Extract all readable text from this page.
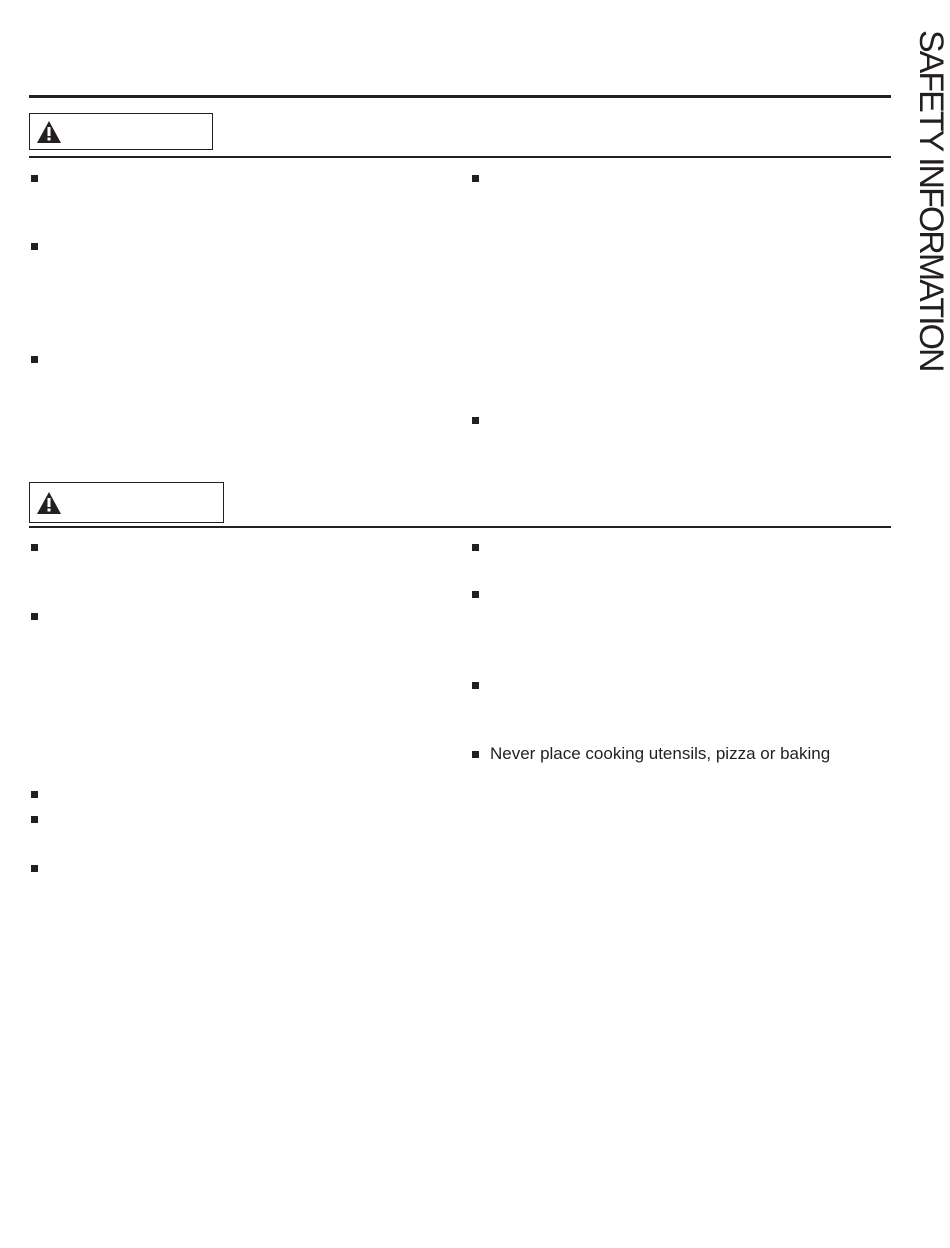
SAFETY INFORMATION
Never place cooking utensils, pizza or baking
